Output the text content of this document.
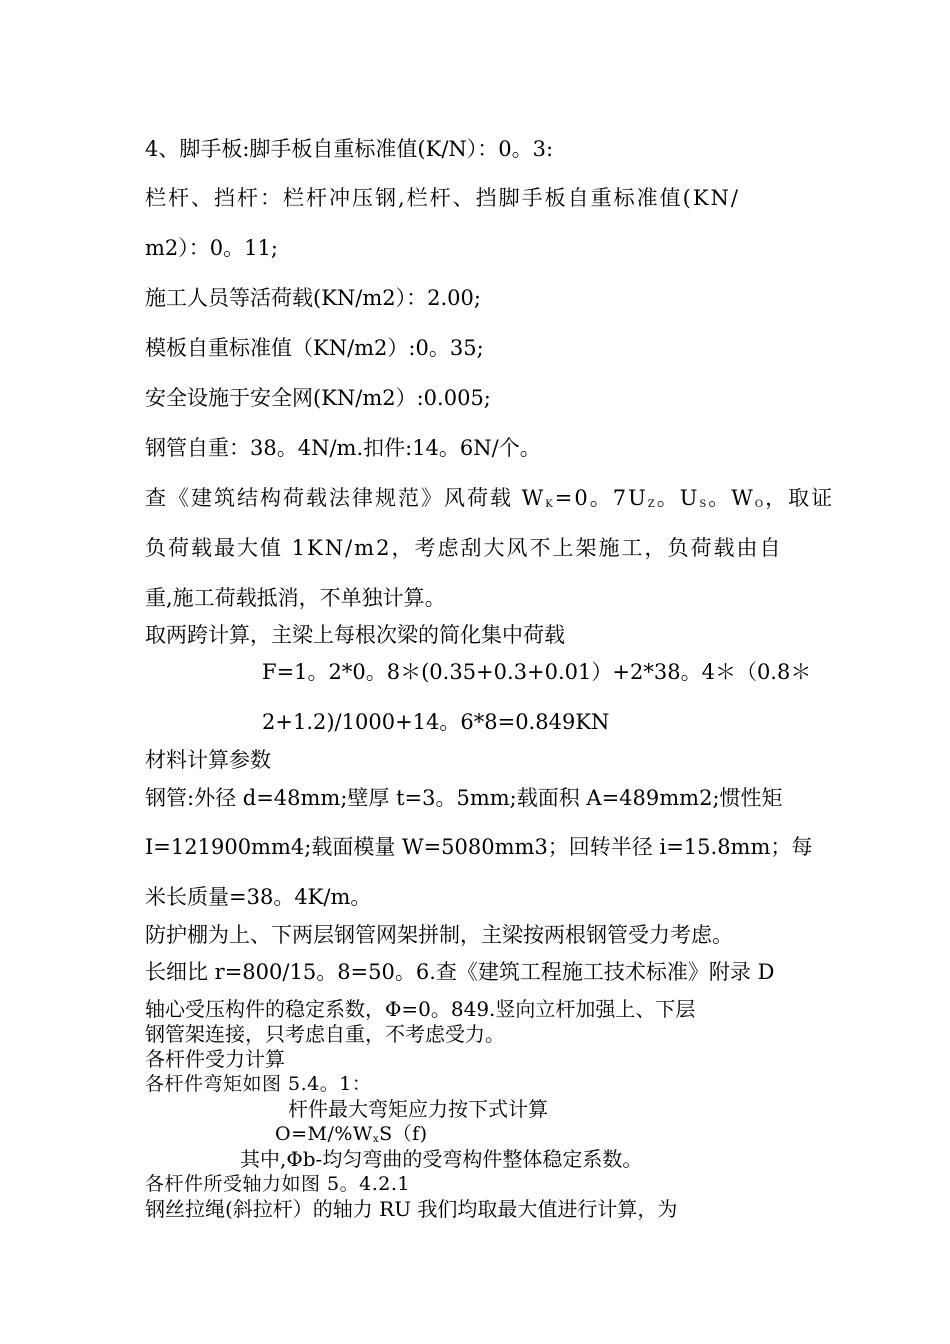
4、脚手板:脚手板自重标准值(K/N）：0。3:
栏杆、挡杆：栏杆冲压钢,栏杆、挡脚手板自重标准值(KN/
m2）：0。11;
施工人员等活荷载(KN/m2）：2.00;
模板自重标准值（KN/m2）:0。35;
安全设施于安全网(KN/m2）:0.005;
钢管自重：38。4N/m.扣件:14。6N/个。
查《建筑结构荷载法律规范》风荷载 $W_K=0$。$7U_Z$。$U_S$。$W_O$，取证
负荷载最大值 1KN/m2，考虑刮大风不上架施工，负荷载由自
重,施工荷载抵消，不单独计算。
取两跨计算，主梁上每根次梁的简化集中荷载
F=1。2*0。8＊(0.35+0.3+0.01）+2*38。4＊（0.8＊
2+1.2)/1000+14。6*8=0.849KN
材料计算参数
钢管:外径 d=48mm;壁厚 t=3。5mm;载面积 A=489mm2;惯性矩
I=121900mm4;载面模量 W=5080mm3；回转半径 i=15.8mm；每
米长质量=38。4K/m。
防护棚为上、下两层钢管网架拼制，主梁按两根钢管受力考虑。
长细比 r=800/15。8=50。6.查《建筑工程施工技术标准》附录 D
轴心受压构件的稳定系数，Φ=0。849.竖向立杆加强上、下层
钢管架连接，只考虑自重，不考虑受力。
各杆件受力计算
各杆件弯矩如图 5.4。1：
杆件最大弯矩应力按下式计算
$O=M/\%W_xS(f)$
其中,Φb-均匀弯曲的受弯构件整体稳定系数。
各杆件所受轴力如图 5。4.2.1
钢丝拉绳(斜拉杆）的轴力 RU 我们均取最大值进行计算，为
